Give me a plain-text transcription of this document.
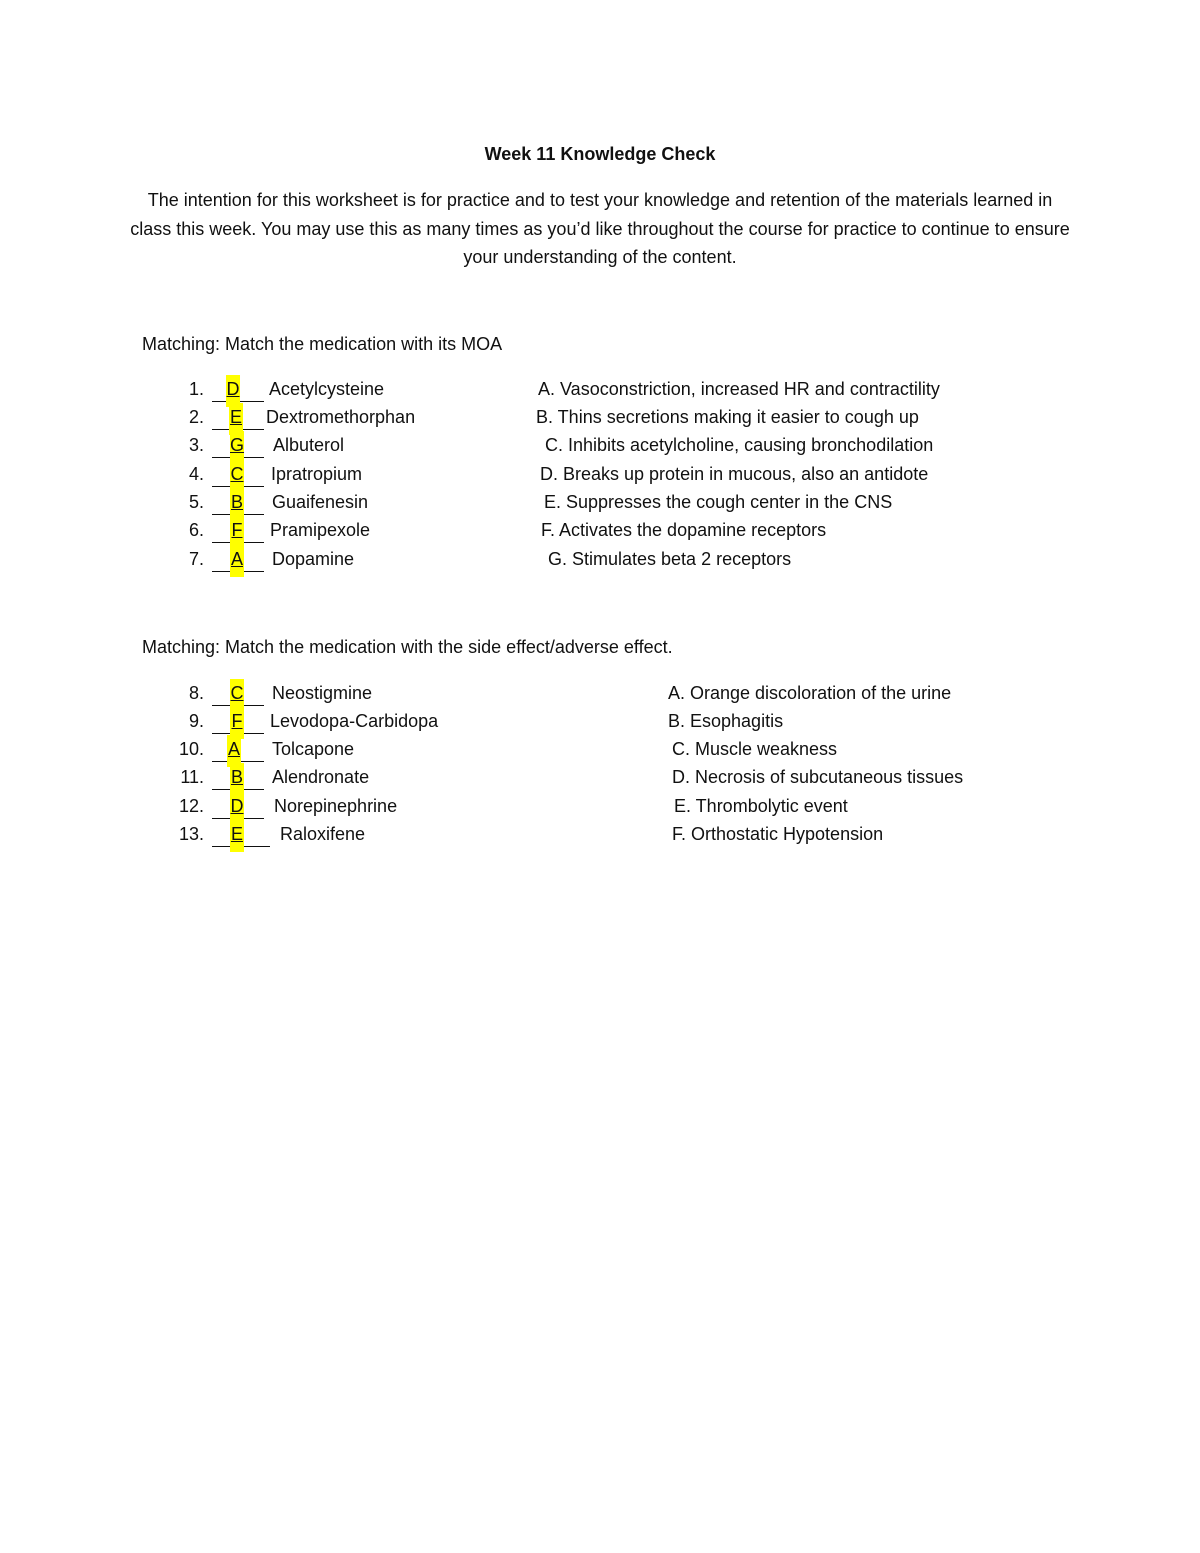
Week 11 Knowledge Check
The intention for this worksheet is for practice and to test your knowledge and retention of the materials learned in class this week. You may use this as many times as you’d like throughout the course for practice to continue to ensure your understanding of the content.
Matching: Match the medication with its MOA
1. D Acetylcysteine	A. Vasoconstriction, increased HR and contractility
2. E Dextromethorphan	B. Thins secretions making it easier to cough up
3. G Albuterol	C. Inhibits acetylcholine, causing bronchodilation
4. C Ipratropium	D. Breaks up protein in mucous, also an antidote
5. B Guaifenesin	E. Suppresses the cough center in the CNS
6. F Pramipexole	F. Activates the dopamine receptors
7. A Dopamine	G. Stimulates beta 2 receptors
Matching: Match the medication with the side effect/adverse effect.
8. C Neostigmine	A. Orange discoloration of the urine
9. F Levodopa-Carbidopa	B. Esophagitis
10. A Tolcapone	C. Muscle weakness
11. B Alendronate	D. Necrosis of subcutaneous tissues
12. D Norepinephrine	E. Thrombolytic event
13. E Raloxifene	F. Orthostatic Hypotension
